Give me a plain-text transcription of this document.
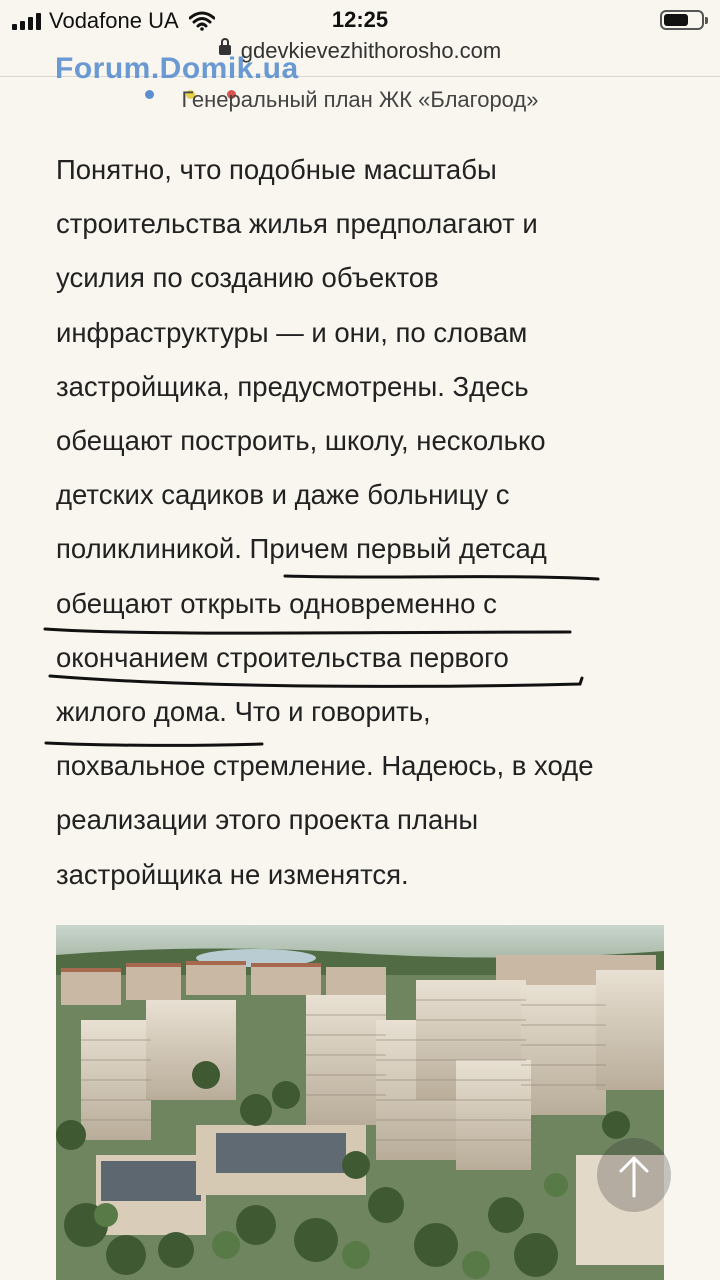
Vodafone UA	12:25
gdevkievezhithorosho.com
Forum.Domik.ua
Генеральный план ЖК «Благород»
Понятно, что подобные масштабы
строительства жилья предполагают и
усилия по созданию объектов
инфраструктуры — и они, по словам
застройщика, предусмотрены. Здесь
обещают построить, школу, несколько
детских садиков и даже больницу с
поликлиникой. Причем первый детсад
обещают открыть одновременно с
окончанием строительства первого
жилого дома. Что и говорить,
похвальное стремление. Надеюсь, в ходе
реализации этого проекта планы
застройщика не изменятся.
